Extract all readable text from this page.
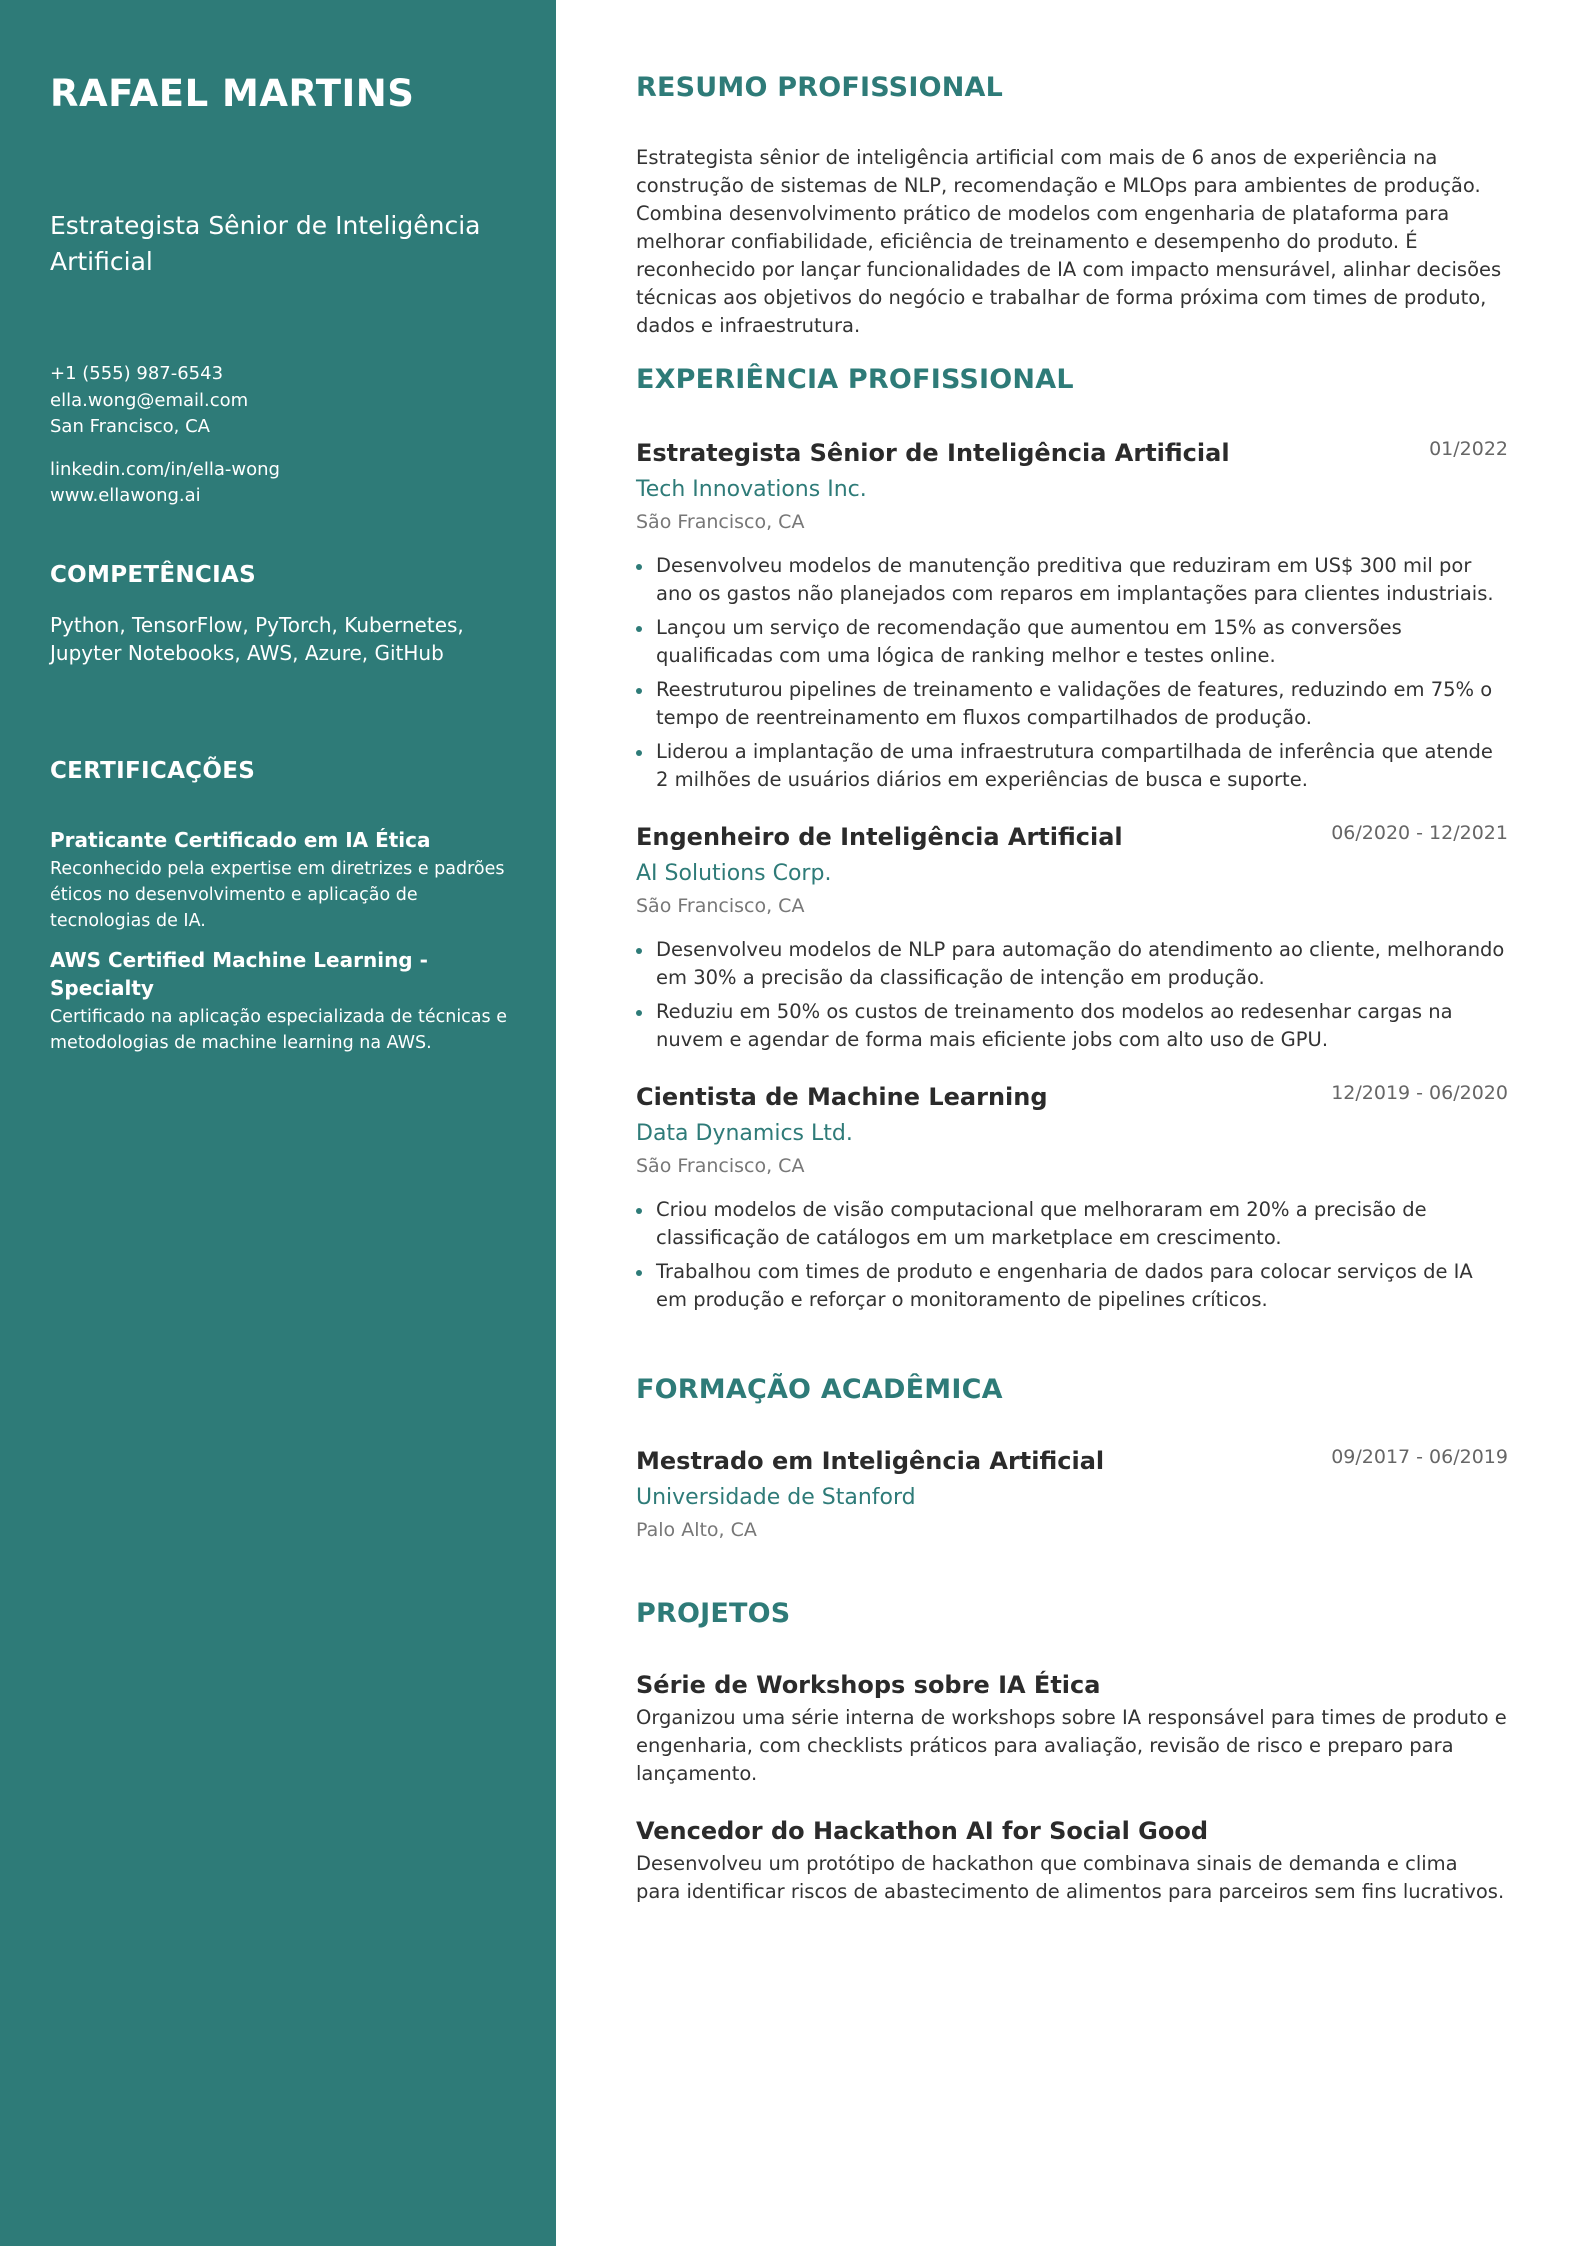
RAFAEL MARTINS
Estrategista Sênior de Inteligência Artificial
+1 (555) 987-6543
ella.wong@email.com
San Francisco, CA
linkedin.com/in/ella-wong
www.ellawong.ai
COMPETÊNCIAS
Python, TensorFlow, PyTorch, Kubernetes, Jupyter Notebooks, AWS, Azure, GitHub
CERTIFICAÇÕES
Praticante Certificado em IA Ética
Reconhecido pela expertise em diretrizes e padrões éticos no desenvolvimento e aplicação de tecnologias de IA.
AWS Certified Machine Learning - Specialty
Certificado na aplicação especializada de técnicas e metodologias de machine learning na AWS.
RESUMO PROFISSIONAL
Estrategista sênior de inteligência artificial com mais de 6 anos de experiência na construção de sistemas de NLP, recomendação e MLOps para ambientes de produção. Combina desenvolvimento prático de modelos com engenharia de plataforma para melhorar confiabilidade, eficiência de treinamento e desempenho do produto. É reconhecido por lançar funcionalidades de IA com impacto mensurável, alinhar decisões técnicas aos objetivos do negócio e trabalhar de forma próxima com times de produto, dados e infraestrutura.
EXPERIÊNCIA PROFISSIONAL
Estrategista Sênior de Inteligência Artificial	01/2022
Tech Innovations Inc.
São Francisco, CA
Desenvolveu modelos de manutenção preditiva que reduziram em US$ 300 mil por ano os gastos não planejados com reparos em implantações para clientes industriais.
Lançou um serviço de recomendação que aumentou em 15% as conversões qualificadas com uma lógica de ranking melhor e testes online.
Reestruturou pipelines de treinamento e validações de features, reduzindo em 75% o tempo de reentreinamento em fluxos compartilhados de produção.
Liderou a implantação de uma infraestrutura compartilhada de inferência que atende 2 milhões de usuários diários em experiências de busca e suporte.
Engenheiro de Inteligência Artificial	06/2020 - 12/2021
AI Solutions Corp.
São Francisco, CA
Desenvolveu modelos de NLP para automação do atendimento ao cliente, melhorando em 30% a precisão da classificação de intenção em produção.
Reduziu em 50% os custos de treinamento dos modelos ao redesenhar cargas na nuvem e agendar de forma mais eficiente jobs com alto uso de GPU.
Cientista de Machine Learning	12/2019 - 06/2020
Data Dynamics Ltd.
São Francisco, CA
Criou modelos de visão computacional que melhoraram em 20% a precisão de classificação de catálogos em um marketplace em crescimento.
Trabalhou com times de produto e engenharia de dados para colocar serviços de IA em produção e reforçar o monitoramento de pipelines críticos.
FORMAÇÃO ACADÊMICA
Mestrado em Inteligência Artificial	09/2017 - 06/2019
Universidade de Stanford
Palo Alto, CA
PROJETOS
Série de Workshops sobre IA Ética
Organizou uma série interna de workshops sobre IA responsável para times de produto e engenharia, com checklists práticos para avaliação, revisão de risco e preparo para lançamento.
Vencedor do Hackathon AI for Social Good
Desenvolveu um protótipo de hackathon que combinava sinais de demanda e clima para identificar riscos de abastecimento de alimentos para parceiros sem fins lucrativos.
